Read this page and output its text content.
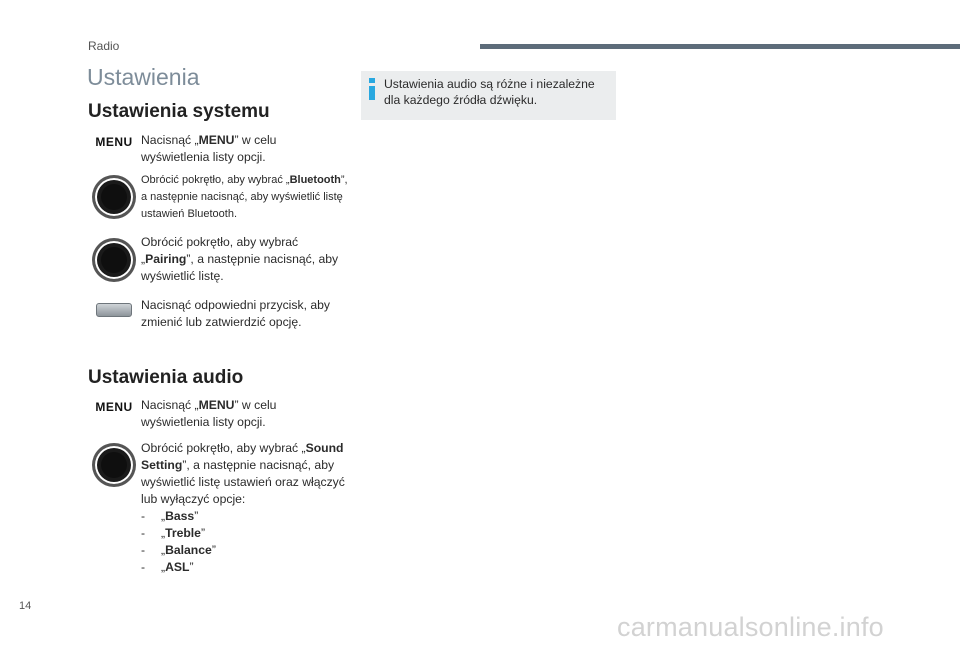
Radio
Ustawienia
Ustawienia systemu
MENU Nacisnąć „MENU” w celu wyświetlenia listy opcji.
Obrócić pokrętło, aby wybrać „Bluetooth”, a następnie nacisnąć, aby wyświetlić listę ustawień Bluetooth.
Obrócić pokrętło, aby wybrać „Pairing”, a następnie nacisnąć, aby wyświetlić listę.
Nacisnąć odpowiedni przycisk, aby zmienić lub zatwierdzić opcję.
Ustawienia audio
MENU Nacisnąć „MENU” w celu wyświetlenia listy opcji.
Obrócić pokrętło, aby wybrać „Sound Setting”, a następnie nacisnąć, aby wyświetlić listę ustawień oraz włączyć lub wyłączyć opcje:
-	„Bass”
-	„Treble”
-	„Balance”
-	„ASL”
Ustawienia audio są różne i niezależne dla każdego źródła dźwięku.
14
carmanualsonline.info
